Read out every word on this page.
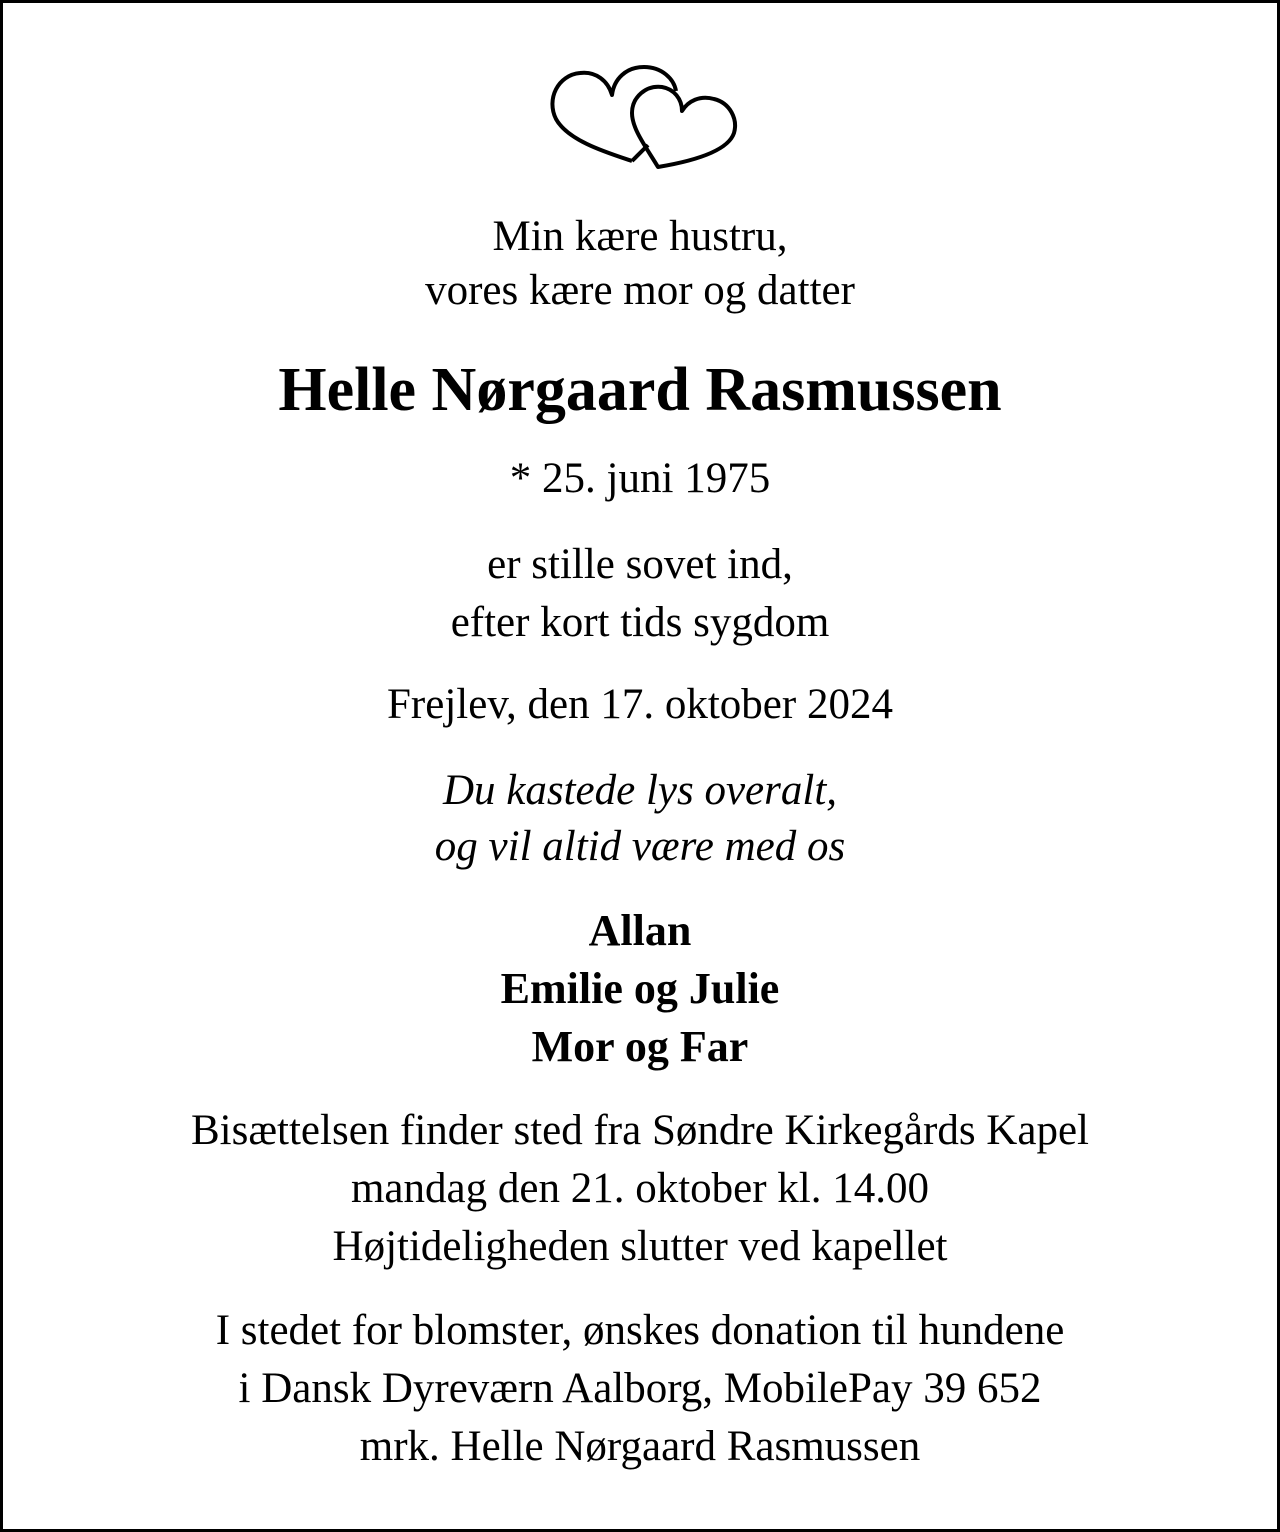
Min kære hustru,
vores kære mor og datter
Helle Nørgaard Rasmussen
* 25. juni 1975
er stille sovet ind,
efter kort tids sygdom
Frejlev, den 17. oktober 2024
Du kastede lys overalt,
og vil altid være med os
Allan
Emilie og Julie
Mor og Far
Bisættelsen finder sted fra Søndre Kirkegårds Kapel
mandag den 21. oktober kl. 14.00
Højtideligheden slutter ved kapellet
I stedet for blomster, ønskes donation til hundene
i Dansk Dyreværn Aalborg, MobilePay 39 652
mrk. Helle Nørgaard Rasmussen
